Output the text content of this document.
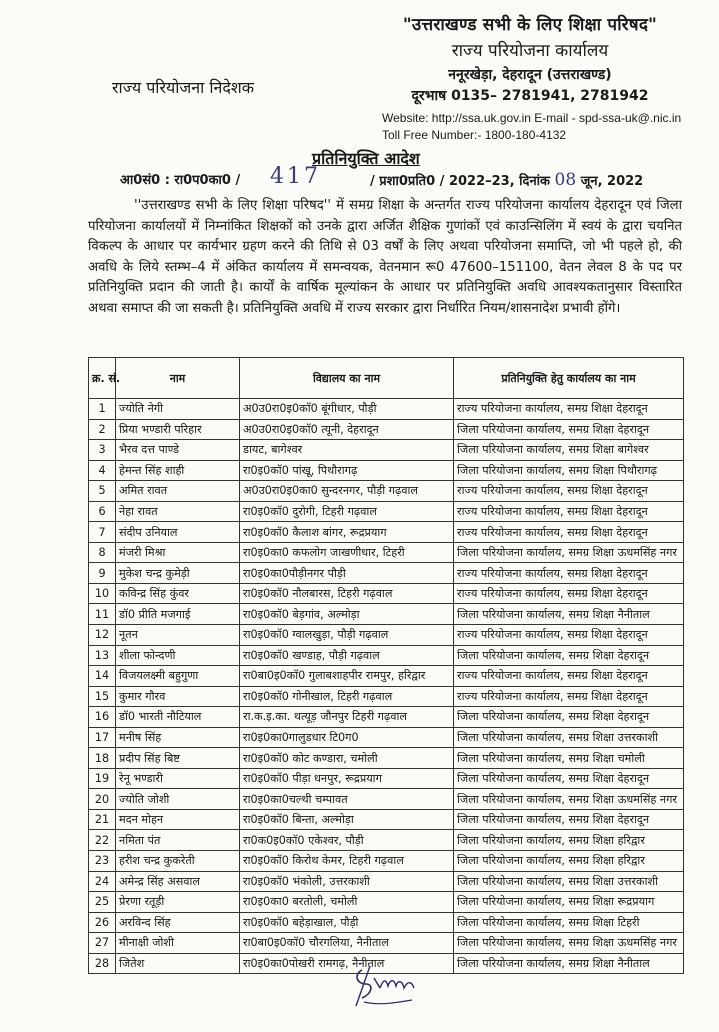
"उत्तराखण्ड सभी के लिए शिक्षा परिषद"
राज्य परियोजना कार्यालय
ननूरखेड़ा, देहरादून (उत्तराखण्ड)
दूरभाष 0135– 2781941, 2781942
राज्य परियोजना निदेशक
Website: http://ssa.uk.gov.in E-mail - spd-ssa-uk@.nic.in
Toll Free Number:- 1800-180-4132
प्रतिनियुक्ति आदेश
आ0सं0 : रा0प0का0 / 417	/ प्रशा0प्रति0 / 2022–23, दिनांक 08 जून, 2022
''उत्तराखण्ड सभी के लिए शिक्षा परिषद'' में समग्र शिक्षा के अन्तर्गत राज्य परियोजना कार्यालय देहरादून एवं जिला परियोजना कार्यालयों में निम्नांकित शिक्षकों को उनके द्वारा अर्जित शैक्षिक गुणांकों एवं काउन्सिलिंग में स्वयं के द्वारा चयनित विकल्प के आधार पर कार्यभार ग्रहण करने की तिथि से 03 वर्षों के लिए अथवा परियोजना समाप्ति, जो भी पहले हो, की अवधि के लिये स्तम्भ–4 में अंकित कार्यालय में समन्वयक, वेतनमान रू0 47600–151100, वेतन लेवल 8 के पद पर प्रतिनियुक्ति प्रदान की जाती है। कार्यों के वार्षिक मूल्यांकन के आधार पर प्रतिनियुक्ति अवधि आवश्यकतानुसार विस्तारित अथवा समाप्त की जा सकती है। प्रतिनियुक्ति अवधि में राज्य सरकार द्वारा निर्धारित नियम/शासनादेश प्रभावी होंगे।
क्र. सं.	नाम	विद्यालय का नाम	प्रतिनियुक्ति हेतु कार्यालय का नाम
1	ज्योति नेगी	अ0उ0रा0इ0कॉ0 बूंगीधार, पौड़ी	राज्य परियोजना कार्यालय, समग्र शिक्षा देहरादून
2	प्रिया भण्डारी परिहार	अ0उ0रा0इ0कॉ0 त्यूनी, देहरादून	जिला परियोजना कार्यालय, समग्र शिक्षा देहरादून
3	भैरव दत्त पाण्डे	डायट, बागेश्वर	जिला परियोजना कार्यालय, समग्र शिक्षा बागेश्वर
4	हेमन्त सिंह शाही	रा0इ0कॉ0 पांखू, पिथौरागढ़	जिला परियोजना कार्यालय, समग्र शिक्षा पिथौरागढ़
5	अमित रावत	अ0उ0रा0इ0का0 सुन्दरनगर, पौड़ी गढ़वाल	राज्य परियोजना कार्यालय, समग्र शिक्षा देहरादून
6	नेहा रावत	रा0इ0कॉ0 दुरोगी, टिहरी गढ़वाल	राज्य परियोजना कार्यालय, समग्र शिक्षा देहरादून
7	संदीप उनियाल	रा0इ0कॉ0 कैलाश बांगर, रूद्रप्रयाग	राज्य परियोजना कार्यालय, समग्र शिक्षा देहरादून
8	मंजरी मिश्रा	रा0इ0का0 कफलोग जाखणीधार, टिहरी	जिला परियोजना कार्यालय, समग्र शिक्षा ऊधमसिंह नगर
9	मुकेश चन्द्र कुमेड़ी	रा0इ0का0पौड़ीनगर पौड़ी	राज्य परियोजना कार्यालय, समग्र शिक्षा देहरादून
10	कविन्द्र सिंह कुंवर	रा0इ0कॉ0 नौलबारस, टिहरी गढ़वाल	राज्य परियोजना कार्यालय, समग्र शिक्षा देहरादून
11	डॉ0 प्रीति मजगाई	रा0इ0कॉ0 बेड़गांव, अल्मोड़ा	जिला परियोजना कार्यालय, समग्र शिक्षा नैनीताल
12	नूतन	रा0इ0कॉ0 ग्वालखुड़ा, पौड़ी गढ़वाल	राज्य परियोजना कार्यालय, समग्र शिक्षा देहरादून
13	शीला फोन्दणी	रा0इ0कॉ0 खण्डाह, पौड़ी गढ़वाल	जिला परियोजना कार्यालय, समग्र शिक्षा देहरादून
14	विजयलक्ष्मी बहुगुणा	रा0बा0इ0कॉ0 गुलाबशाहपीर रामपुर, हरिद्वार	राज्य परियोजना कार्यालय, समग्र शिक्षा देहरादून
15	कुमार गौरव	रा0इ0कॉ0 गोनीखाल, टिहरी गढ़वाल	राज्य परियोजना कार्यालय, समग्र शिक्षा देहरादून
16	डॉ0 भारती नौटियाल	रा.क.इ.का. थत्यूड़ जौनपुर टिहरी गढ़वाल	जिला परियोजना कार्यालय, समग्र शिक्षा देहरादून
17	मनीष सिंह	रा0इ0का0गालुडधार टि0ग0	जिला परियोजना कार्यालय, समग्र शिक्षा उत्तरकाशी
18	प्रदीप सिंह बिष्ट	रा0इ0कॉ0 कोट कण्डारा, चमोली	जिला परियोजना कार्यालय, समग्र शिक्षा चमोली
19	रेनू भण्डारी	रा0इ0कॉ0 पीड़ा धनपुर, रूद्रप्रयाग	जिला परियोजना कार्यालय, समग्र शिक्षा देहरादून
20	ज्योति जोशी	रा0इ0का0चल्थी चम्पावत	जिला परियोजना कार्यालय, समग्र शिक्षा ऊधमसिंह नगर
21	मदन मोहन	रा0इ0कॉ0 बिन्ता, अल्मोड़ा	जिला परियोजना कार्यालय, समग्र शिक्षा देहरादून
22	नमिता पंत	रा0क0इ0कॉ0 एकेश्वर, पौड़ी	जिला परियोजना कार्यालय, समग्र शिक्षा हरिद्वार
23	हरीश चन्द्र कुकरेती	रा0इ0कॉ0 किरोथ केमर, टिहरी गढ़वाल	जिला परियोजना कार्यालय, समग्र शिक्षा हरिद्वार
24	अमेन्द्र सिंह असवाल	रा0इ0कॉ0 भंकोली, उत्तरकाशी	जिला परियोजना कार्यालय, समग्र शिक्षा उत्तरकाशी
25	प्रेरणा रतूड़ी	रा0इ0का0 बरतोली, चमोली	जिला परियोजना कार्यालय, समग्र शिक्षा रूद्रप्रयाग
26	अरविन्द सिंह	रा0इ0कॉ0 बहेड़ाखाल, पौड़ी	जिला परियोजना कार्यालय, समग्र शिक्षा टिहरी
27	मीनाक्षी जोशी	रा0बा0इ0कॉ0 चौरगलिया, नैनीताल	जिला परियोजना कार्यालय, समग्र शिक्षा ऊधमसिंह नगर
28	जितेश	रा0इ0का0पोखरी रामगढ़, नैनीताल	जिला परियोजना कार्यालय, समग्र शिक्षा नैनीताल
